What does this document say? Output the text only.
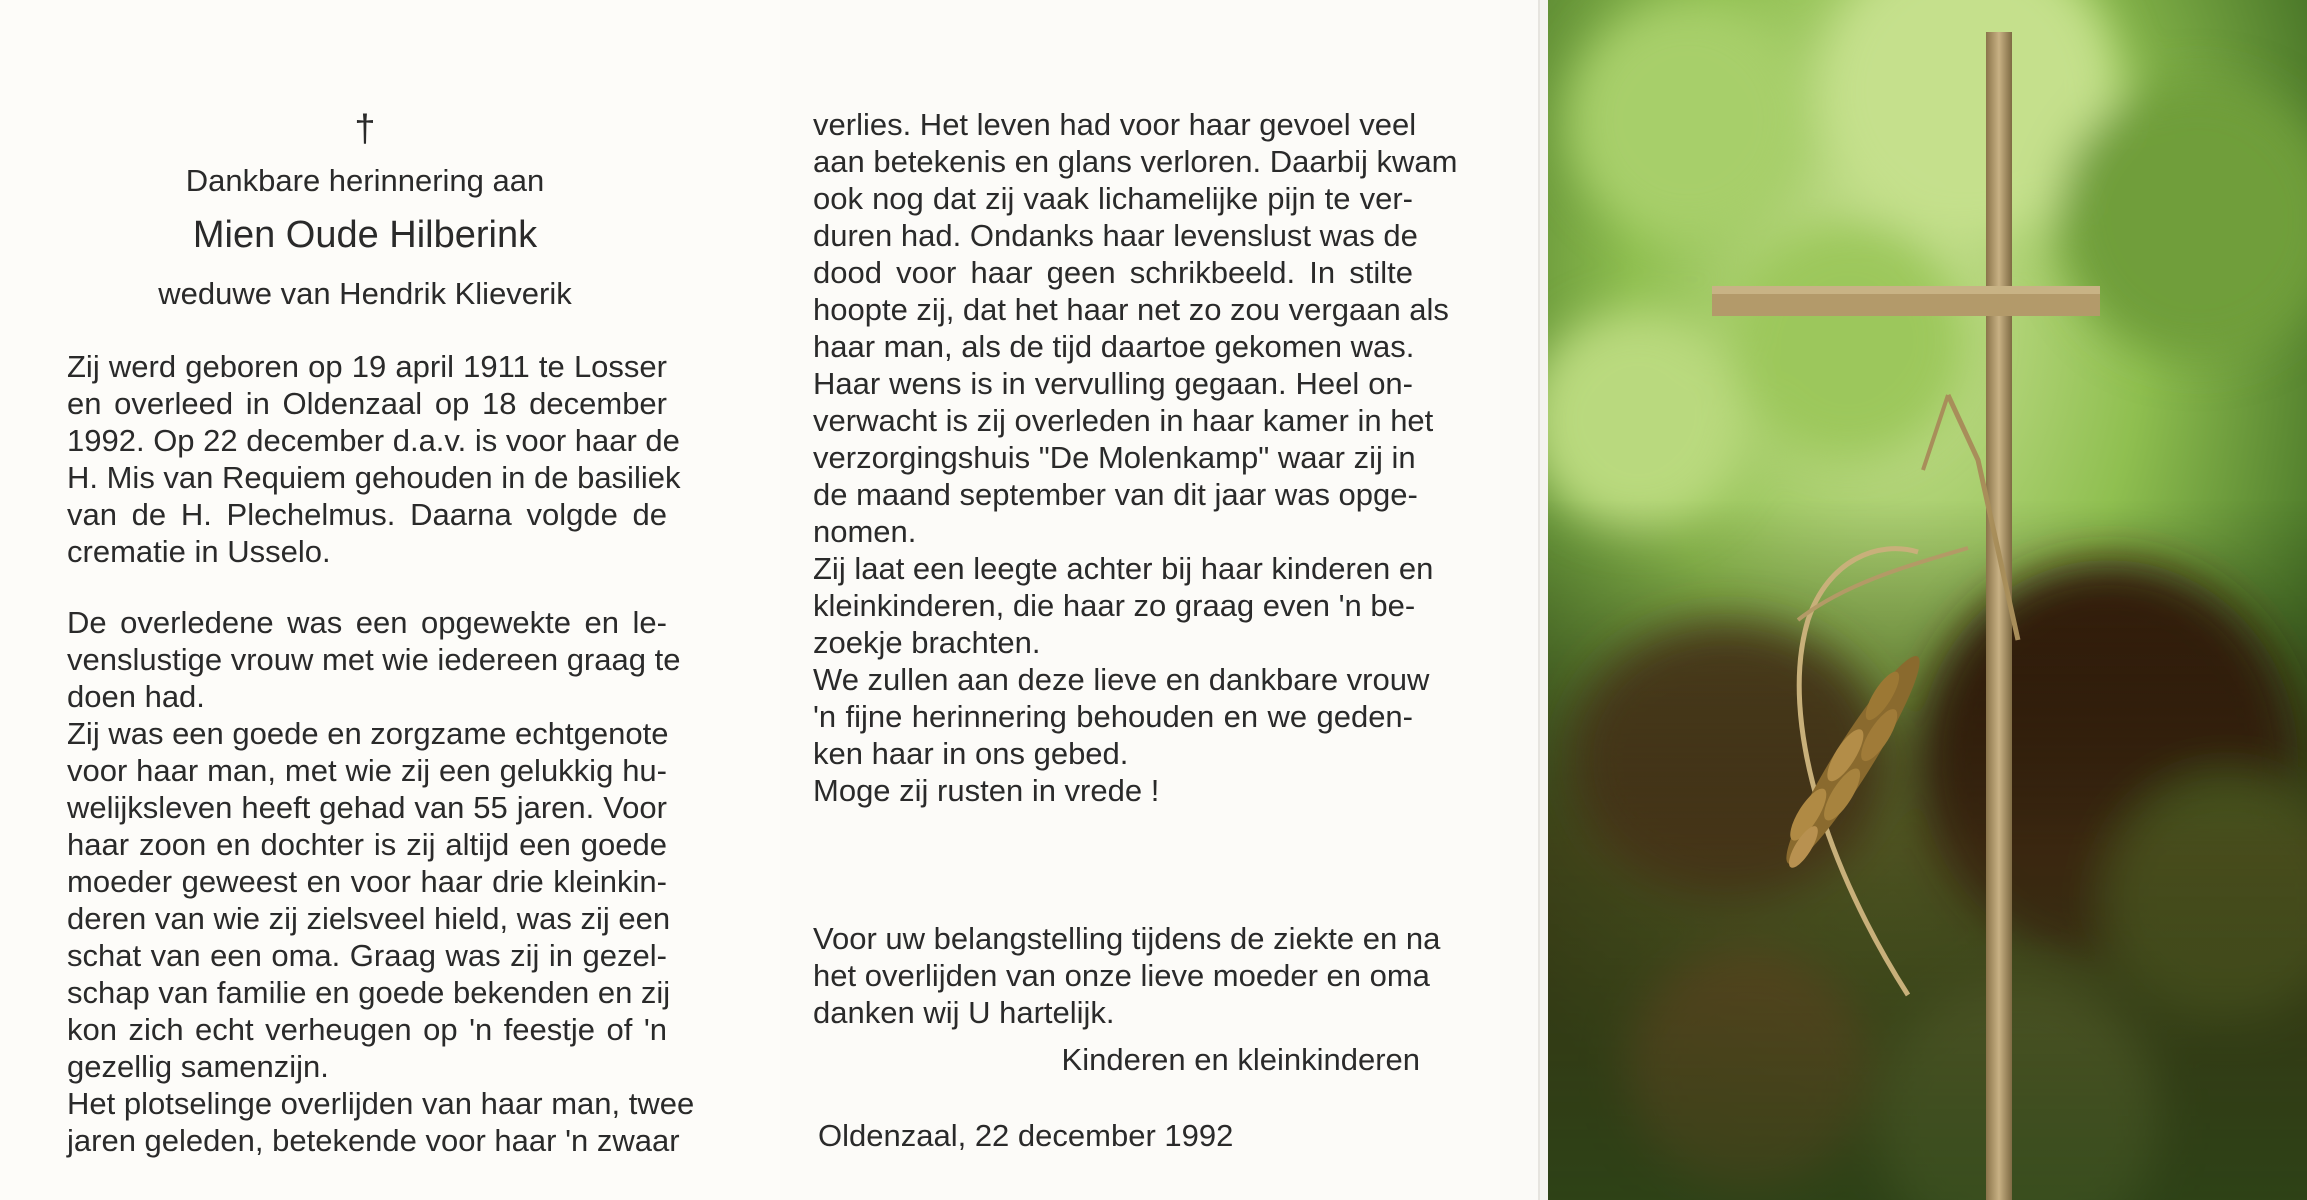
†
Dankbare herinnering aan
Mien Oude Hilberink
weduwe van Hendrik Klieverik
Zij werd geboren op 19 april 1911 te Losser
en overleed in Oldenzaal op 18 december
1992. Op 22 december d.a.v. is voor haar de
H. Mis van Requiem gehouden in de basiliek
van de H. Plechelmus. Daarna volgde de
crematie in Usselo.
De overledene was een opgewekte en le-
venslustige vrouw met wie iedereen graag te
doen had.
Zij was een goede en zorgzame echtgenote
voor haar man, met wie zij een gelukkig hu-
welijksleven heeft gehad van 55 jaren. Voor
haar zoon en dochter is zij altijd een goede
moeder geweest en voor haar drie kleinkin-
deren van wie zij zielsveel hield, was zij een
schat van een oma. Graag was zij in gezel-
schap van familie en goede bekenden en zij
kon zich echt verheugen op 'n feestje of 'n
gezellig samenzijn.
Het plotselinge overlijden van haar man, twee
jaren geleden, betekende voor haar 'n zwaar
verlies. Het leven had voor haar gevoel veel
aan betekenis en glans verloren. Daarbij kwam
ook nog dat zij vaak lichamelijke pijn te ver-
duren had. Ondanks haar levenslust was de
dood voor haar geen schrikbeeld. In stilte
hoopte zij, dat het haar net zo zou vergaan als
haar man, als de tijd daartoe gekomen was.
Haar wens is in vervulling gegaan. Heel on-
verwacht is zij overleden in haar kamer in het
verzorgingshuis "De Molenkamp" waar zij in
de maand september van dit jaar was opge-
nomen.
Zij laat een leegte achter bij haar kinderen en
kleinkinderen, die haar zo graag even 'n be-
zoekje brachten.
We zullen aan deze lieve en dankbare vrouw
'n fijne herinnering behouden en we geden-
ken haar in ons gebed.
Moge zij rusten in vrede !
Voor uw belangstelling tijdens de ziekte en na
het overlijden van onze lieve moeder en oma
danken wij U hartelijk.
Kinderen en kleinkinderen
Oldenzaal, 22 december 1992
